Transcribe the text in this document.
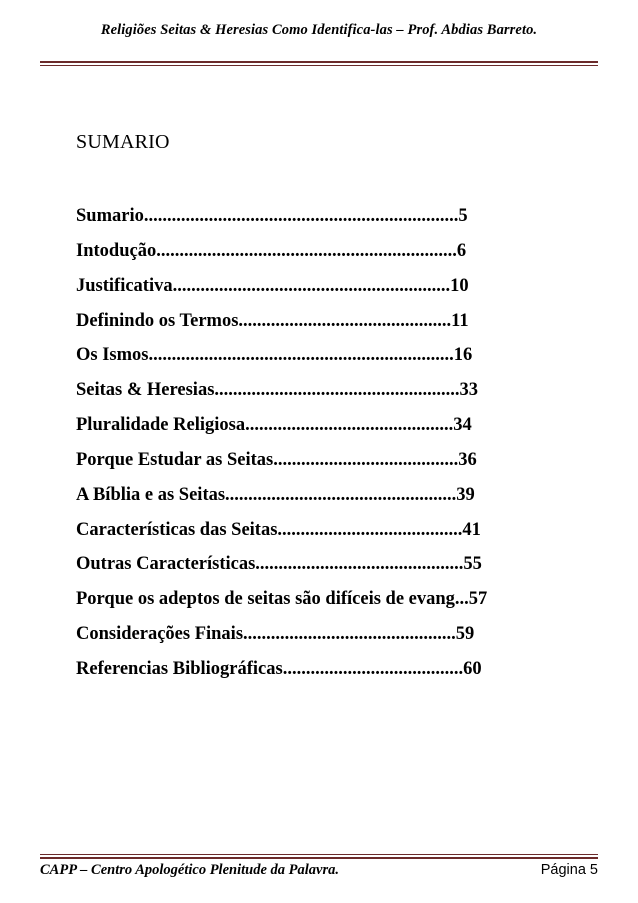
Religiões Seitas & Heresias Como Identifica-las – Prof. Abdias Barreto.
SUMARIO
Sumario....................................................................5
Intodução.................................................................6
Justificativa............................................................10
Definindo os Termos..............................................11
Os Ismos..................................................................16
Seitas & Heresias.....................................................33
Pluralidade Religiosa.............................................34
Porque Estudar as Seitas........................................36
A Bíblia e as Seitas..................................................39
Características das Seitas........................................41
Outras Características.............................................55
Porque os adeptos de seitas são difíceis de evang...57
Considerações Finais..............................................59
Referencias Bibliográficas.......................................60
CAPP – Centro Apologético Plenitude da Palavra.	Página 5
